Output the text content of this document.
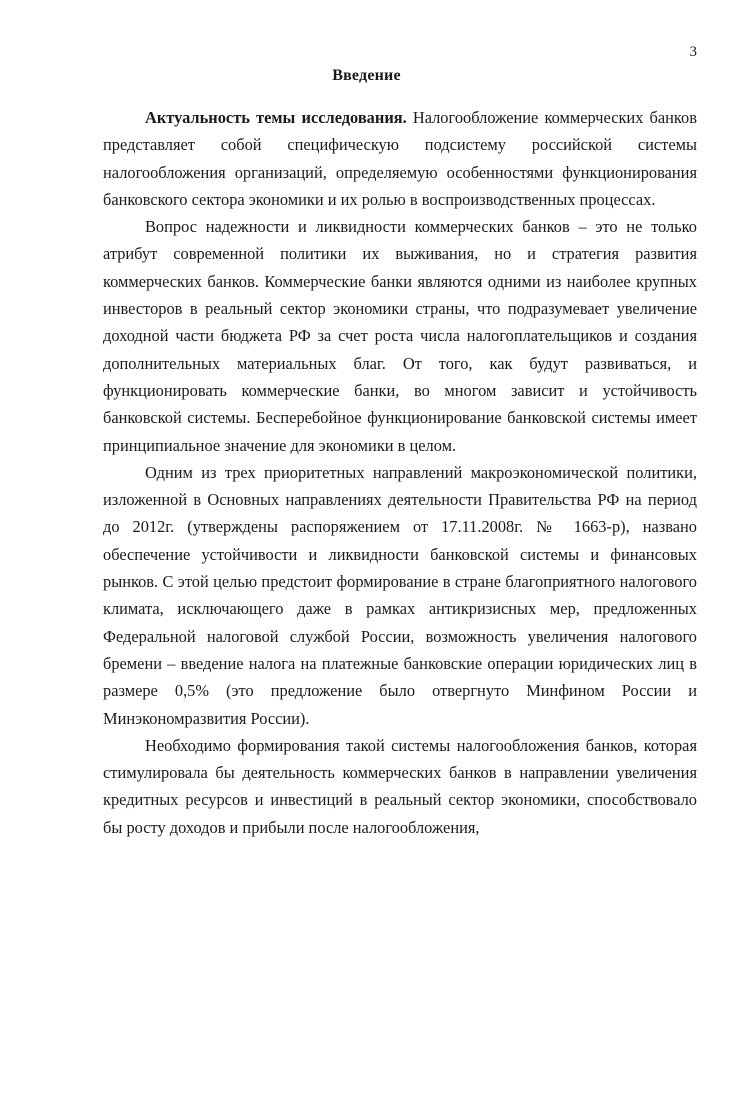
3
Введение

Актуальность темы исследования. Налогообложение коммерческих банков представляет собой специфическую подсистему российской системы налогообложения организаций, определяемую особенностями функционирования банковского сектора экономики и их ролью в воспроизводственных процессах.

Вопрос надежности и ликвидности коммерческих банков – это не только атрибут современной политики их выживания, но и стратегия развития коммерческих банков. Коммерческие банки являются одними из наиболее крупных инвесторов в реальный сектор экономики страны, что подразумевает увеличение доходной части бюджета РФ за счет роста числа налогоплательщиков и создания дополнительных материальных благ. От того, как будут развиваться, и функционировать коммерческие банки, во многом зависит и устойчивость банковской системы. Бесперебойное функционирование банковской системы имеет принципиальное значение для экономики в целом.

Одним из трех приоритетных направлений макроэкономической политики, изложенной в Основных направлениях деятельности Правительства РФ на период до 2012г. (утверждены распоряжением от 17.11.2008г. № 1663-р), названо обеспечение устойчивости и ликвидности банковской системы и финансовых рынков. С этой целью предстоит формирование в стране благоприятного налогового климата, исключающего даже в рамках антикризисных мер, предложенных Федеральной налоговой службой России, возможность увеличения налогового бремени – введение налога на платежные банковские операции юридических лиц в размере 0,5% (это предложение было отвергнуто Минфином России и Минэкономразвития России).

Необходимо формирования такой системы налогообложения банков, которая стимулировала бы деятельность коммерческих банков в направлении увеличения кредитных ресурсов и инвестиций в реальный сектор экономики, способствовало бы росту доходов и прибыли после налогообложения,
